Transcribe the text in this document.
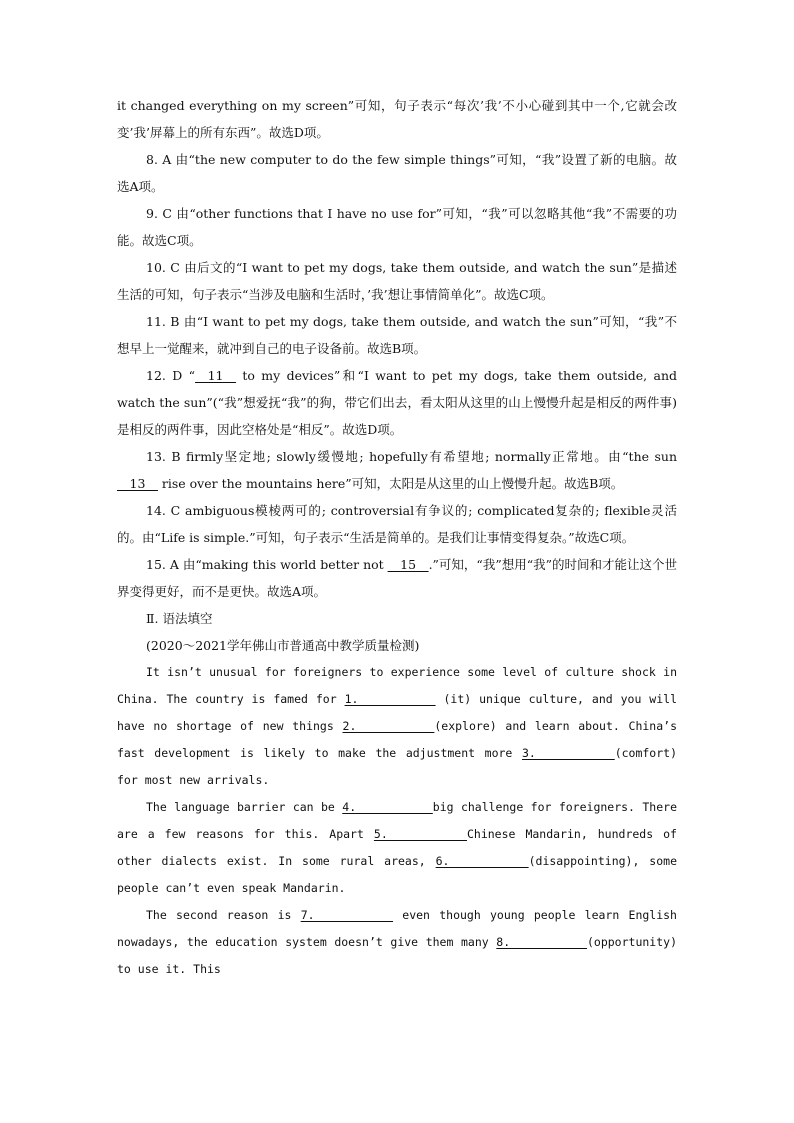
it changed everything on my screen”可知，句子表示“每次’我’不小心碰到其中一个,它就会改变’我’屏幕上的所有东西”。故选D项。

8. A 由“the new computer to do the few simple things”可知，“我”设置了新的电脑。故选A项。

9. C 由“other functions that I have no use for”可知，“我”可以忽略其他“我”不需要的功能。故选C项。

10. C 由后文的“I want to pet my dogs, take them outside, and watch the sun”是描述生活的可知，句子表示“当涉及电脑和生活时，’我’想让事情简单化”。故选C项。

11. B 由“I want to pet my dogs, take them outside, and watch the sun”可知，“我”不想早上一觉醒来，就冲到自己的电子设备前。故选B项。

12. D “__11__ to my devices”和“I want to pet my dogs, take them outside, and watch the sun”(“我”想爱抚“我”的狗，带它们出去，看太阳从这里的山上慢慢升起是相反的两件事)是相反的两件事，因此空格处是“相反”。故选D项。

13. B firmly坚定地; slowly缓慢地; hopefully有希望地; normally正常地。由“the sun __13__ rise over the mountains here”可知，太阳是从这里的山上慢慢升起。故选B项。

14. C ambiguous模棱两可的; controversial有争议的; complicated复杂的; flexible灵活的。由“Life is simple.”可知，句子表示“生活是简单的。是我们让事情变得复杂。”故选C项。

15. A 由“making this world better not __15__.”可知，“我”想用“我”的时间和才能让这个世界变得更好，而不是更快。故选A项。

Ⅱ. 语法填空

(2020～2021学年佛山市普通高中教学质量检测)

It isn’t unusual for foreigners to experience some level of culture shock in China. The country is famed for 1. __________ (it) unique culture, and you will have no shortage of new things 2. __________(explore) and learn about. China’s fast development is likely to make the adjustment more 3. __________(comfort) for most new arrivals.

The language barrier can be 4. __________big challenge for foreigners. There are a few reasons for this. Apart 5. __________Chinese Mandarin, hundreds of other dialects exist. In some rural areas, 6. __________(disappointing), some people can’t even speak Mandarin.

The second reason is 7. __________ even though young people learn English nowadays, the education system doesn’t give them many 8. __________(opportunity) to use it. This
